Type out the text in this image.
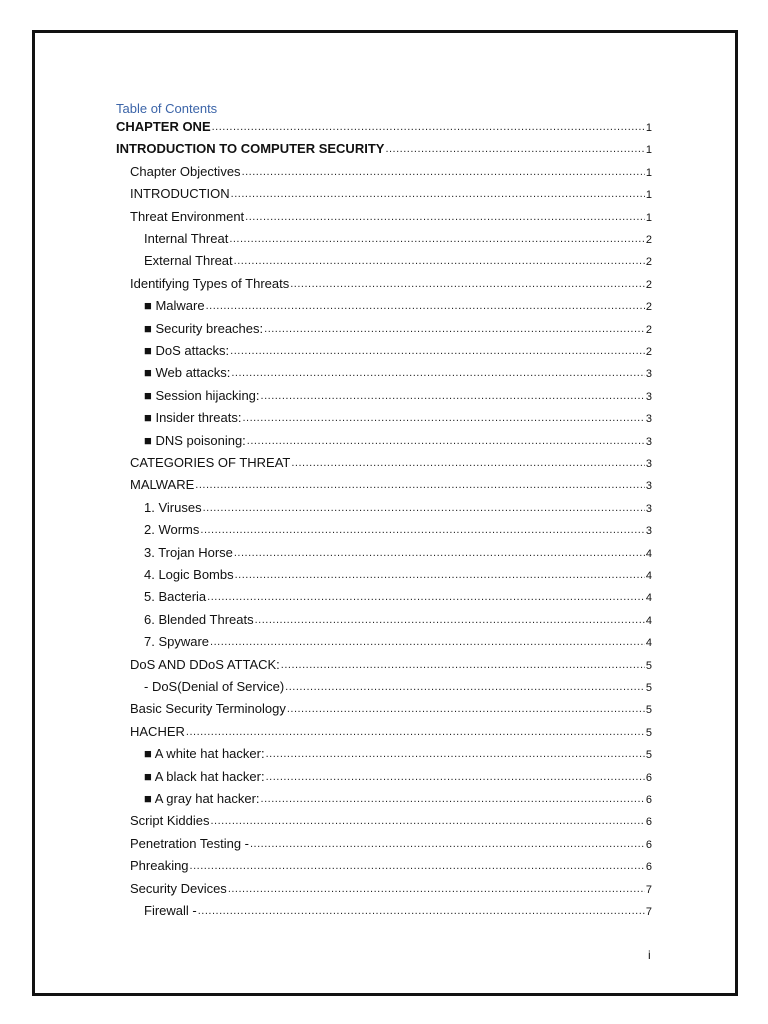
Table of Contents
CHAPTER ONE .....	1
INTRODUCTION TO COMPUTER SECURITY .....	1
Chapter Objectives .....	1
INTRODUCTION .....	1
Threat Environment .....	1
Internal Threat .....	2
External Threat .....	2
Identifying Types of Threats .....	2
■ Malware .....	2
■ Security breaches: .....	2
■ DoS attacks: .....	2
■ Web attacks: .....	3
■ Session hijacking: .....	3
■ Insider threats: .....	3
■ DNS poisoning: .....	3
CATEGORIES OF THREAT .....	3
MALWARE .....	3
1. Viruses .....	3
2. Worms .....	3
3. Trojan Horse .....	4
4. Logic Bombs .....	4
5. Bacteria .....	4
6. Blended Threats .....	4
7. Spyware .....	4
DoS AND DDoS ATTACK: .....	5
- DoS(Denial of Service) .....	5
Basic Security Terminology .....	5
HACHER .....	5
■ A white hat hacker: .....	5
■ A black hat hacker: .....	6
■ A gray hat hacker: .....	6
Script Kiddies .....	6
Penetration Testing - .....	6
Phreaking .....	6
Security Devices .....	7
Firewall - .....	7
i
